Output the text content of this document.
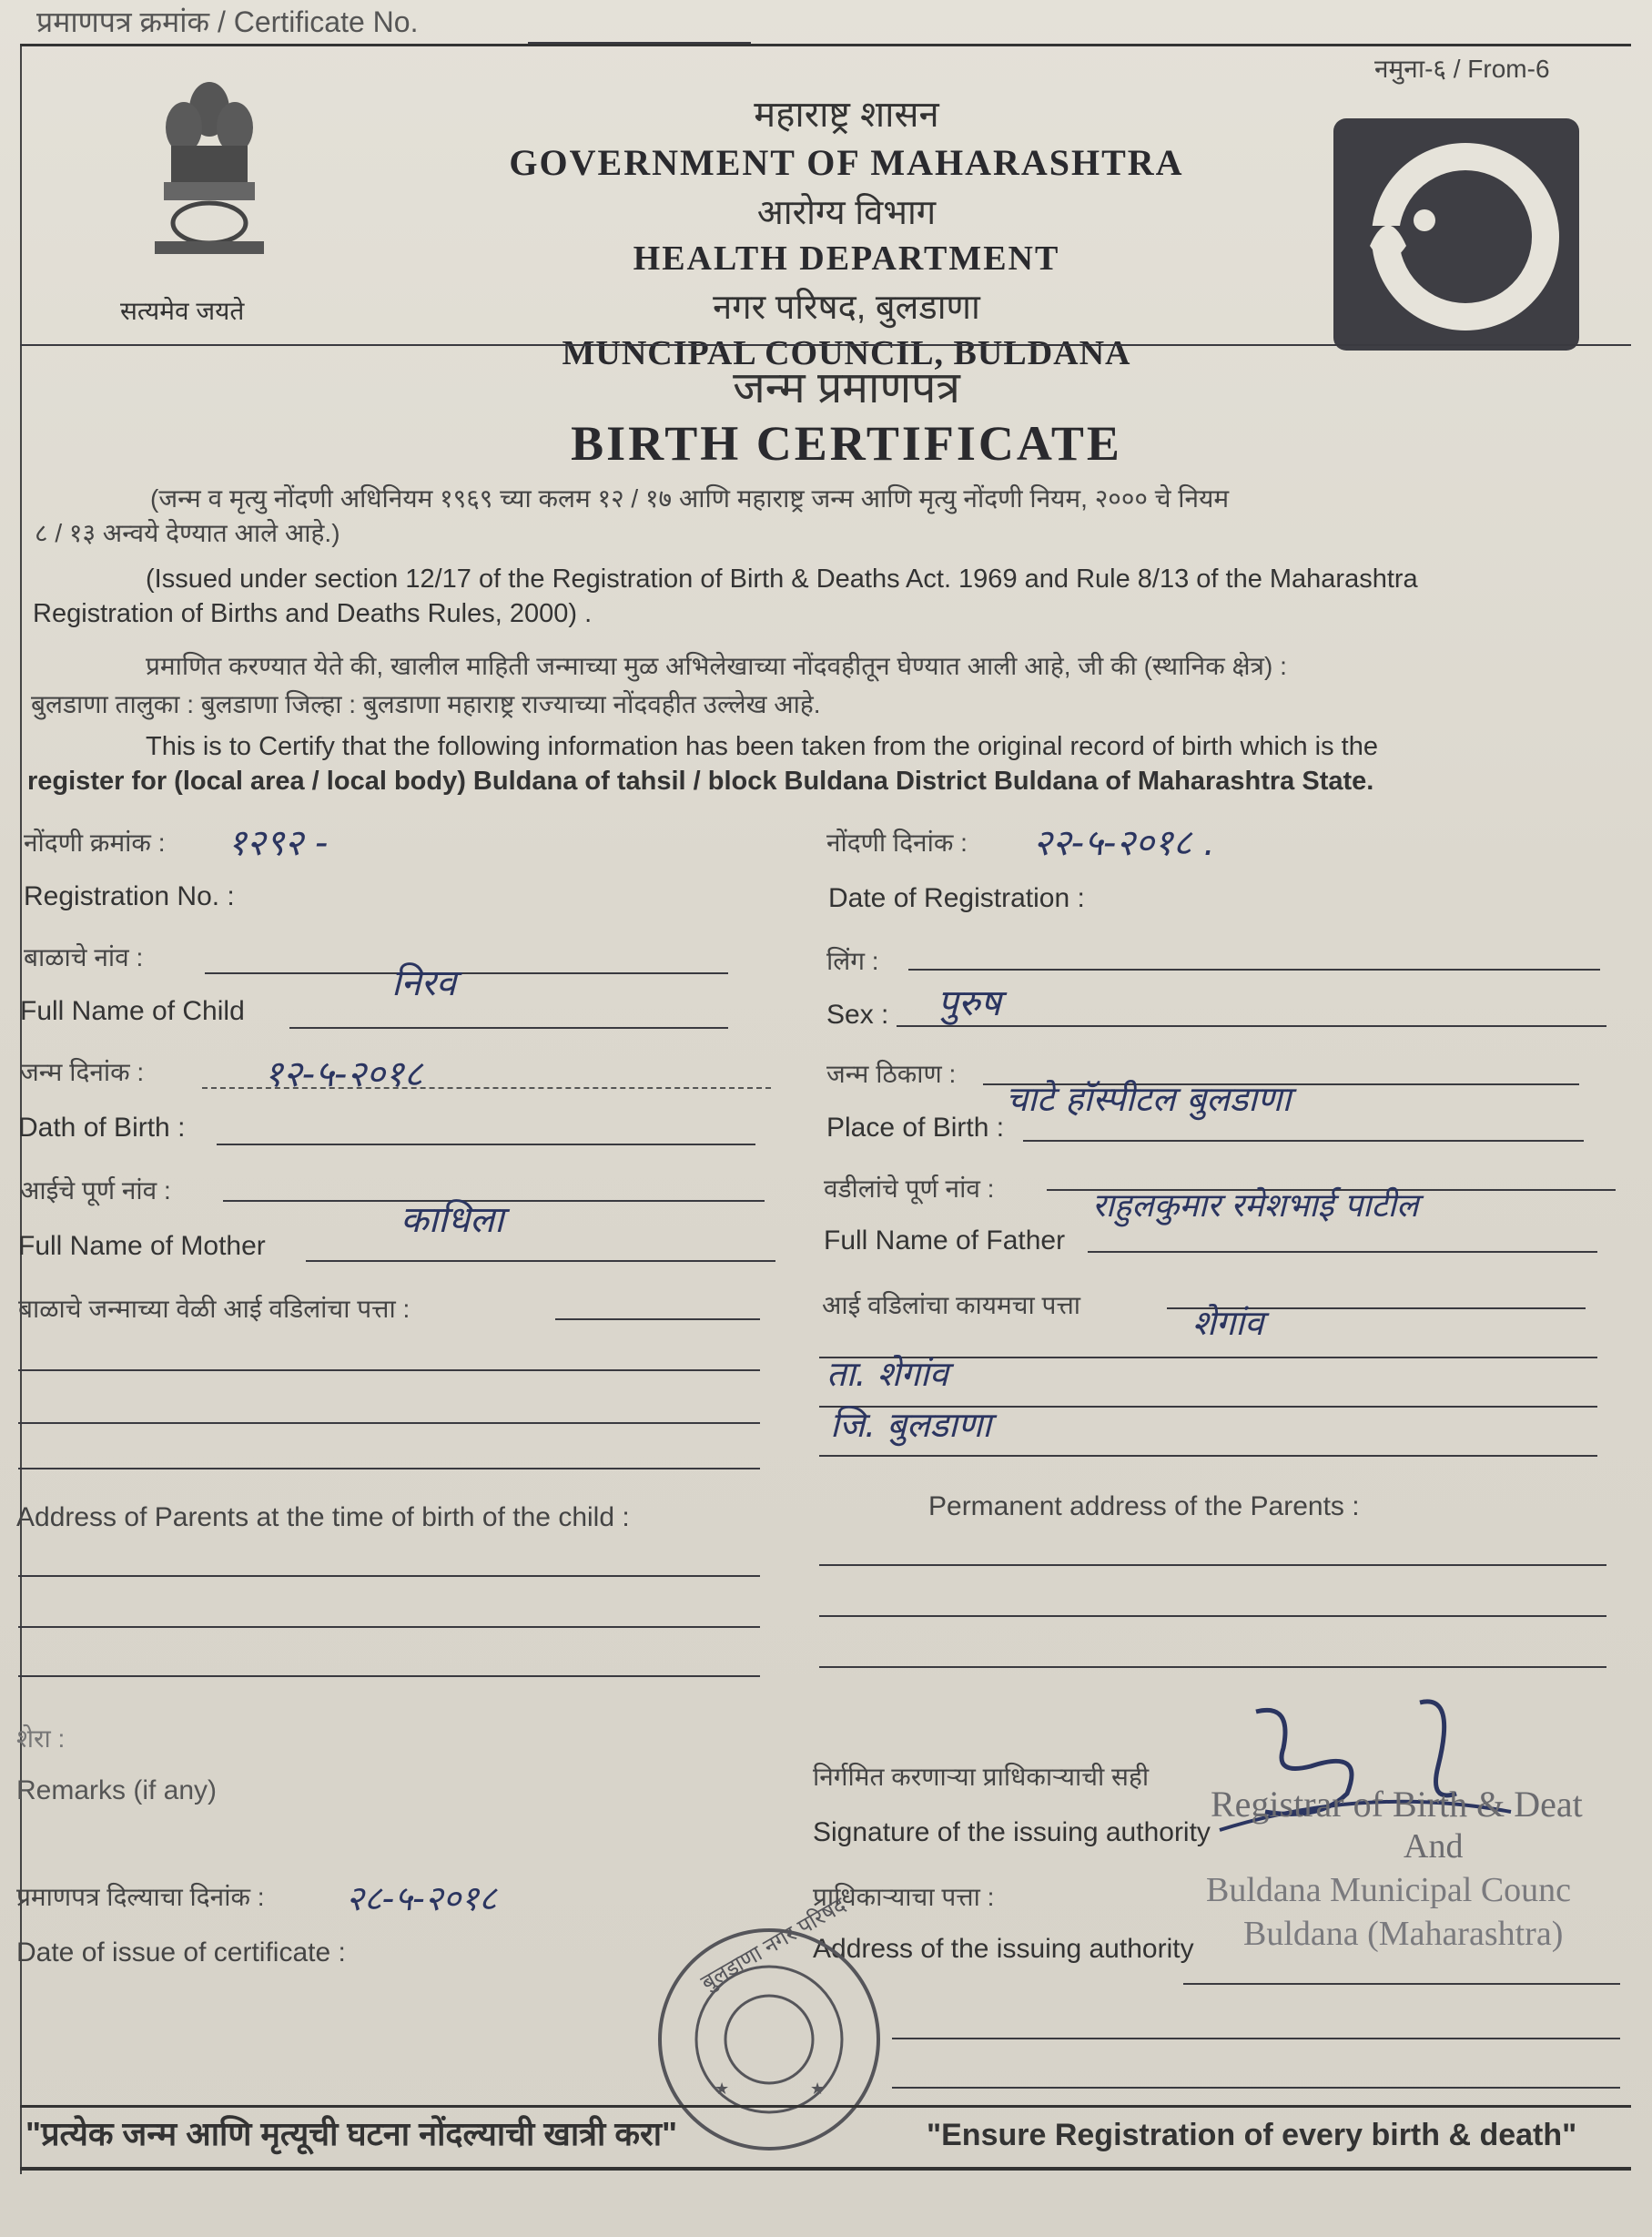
प्रमाणपत्र क्रमांक / Certificate No.
नमुना-६ / From-6
सत्यमेव जयते
महाराष्ट्र शासन
GOVERNMENT OF MAHARASHTRA
आरोग्य विभाग
HEALTH DEPARTMENT
नगर परिषद, बुलडाणा
MUNCIPAL COUNCIL, BULDANA
जन्म प्रमाणपत्र
BIRTH CERTIFICATE
(जन्म व मृत्यु नोंदणी अधिनियम १९६९ च्या कलम १२ / १७ आणि महाराष्ट्र जन्म आणि मृत्यु नोंदणी नियम, २००० चे नियम
८ / १३ अन्वये देण्यात आले आहे.)
(Issued under section 12/17 of the Registration of Birth & Deaths Act. 1969 and Rule 8/13 of the Maharashtra
Registration of Births and Deaths Rules, 2000) .
प्रमाणित करण्यात येते की, खालील माहिती जन्माच्या मुळ अभिलेखाच्या नोंदवहीतून घेण्यात आली आहे, जी की (स्थानिक क्षेत्र) :
बुलडाणा तालुका : बुलडाणा जिल्हा : बुलडाणा महाराष्ट्र राज्याच्या नोंदवहीत उल्लेख आहे.
This is to Certify that the following information has been taken from the original record of birth which is the
register for (local area / local body) Buldana of tahsil / block Buldana District Buldana of Maharashtra State.
नोंदणी क्रमांक : १२९२ -
Registration No. :
नोंदणी दिनांक : २२-५-२०१८ .
Date of Registration :
बाळाचे नांव :
निरव
Full Name of Child
लिंग :
Sex : पुरुष
जन्म दिनांक :	१२-५-२०१८
Dath of Birth :
जन्म ठिकाण :
चाटे हॉस्पीटल बुलडाणा
Place of Birth :
आईचे पूर्ण नांव :
काधिला
Full Name of Mother
वडीलांचे पूर्ण नांव :	राहुलकुमार रमेशभाई पाटील
Full Name of Father
बाळाचे जन्माच्या वेळी आई वडिलांचा पत्ता :	आई वडिलांचा कायमचा पत्ता	शेगांव
ता. शेगांव
जि. बुलडाणा
Address of Parents at the time of birth of the child :	Permanent address of the Parents :
शेरा :
Remarks (if any)	निर्गमित करणाऱ्या प्राधिकाऱ्याची सही
Signature of the issuing authority
Registrar of Birth & Deat
And
Buldana Municipal Counc
Buldana (Maharashtra)
प्रमाणपत्र दिल्याचा दिनांक : २८-५-२०१८
Date of issue of certificate :
प्राधिकाऱ्याचा पत्ता :
Address of the issuing authority
★	★
बुलडाणा नगर परिषद
"प्रत्येक जन्म आणि मृत्यूची घटना नोंदल्याची खात्री करा"	"Ensure Registration of every birth & death"
